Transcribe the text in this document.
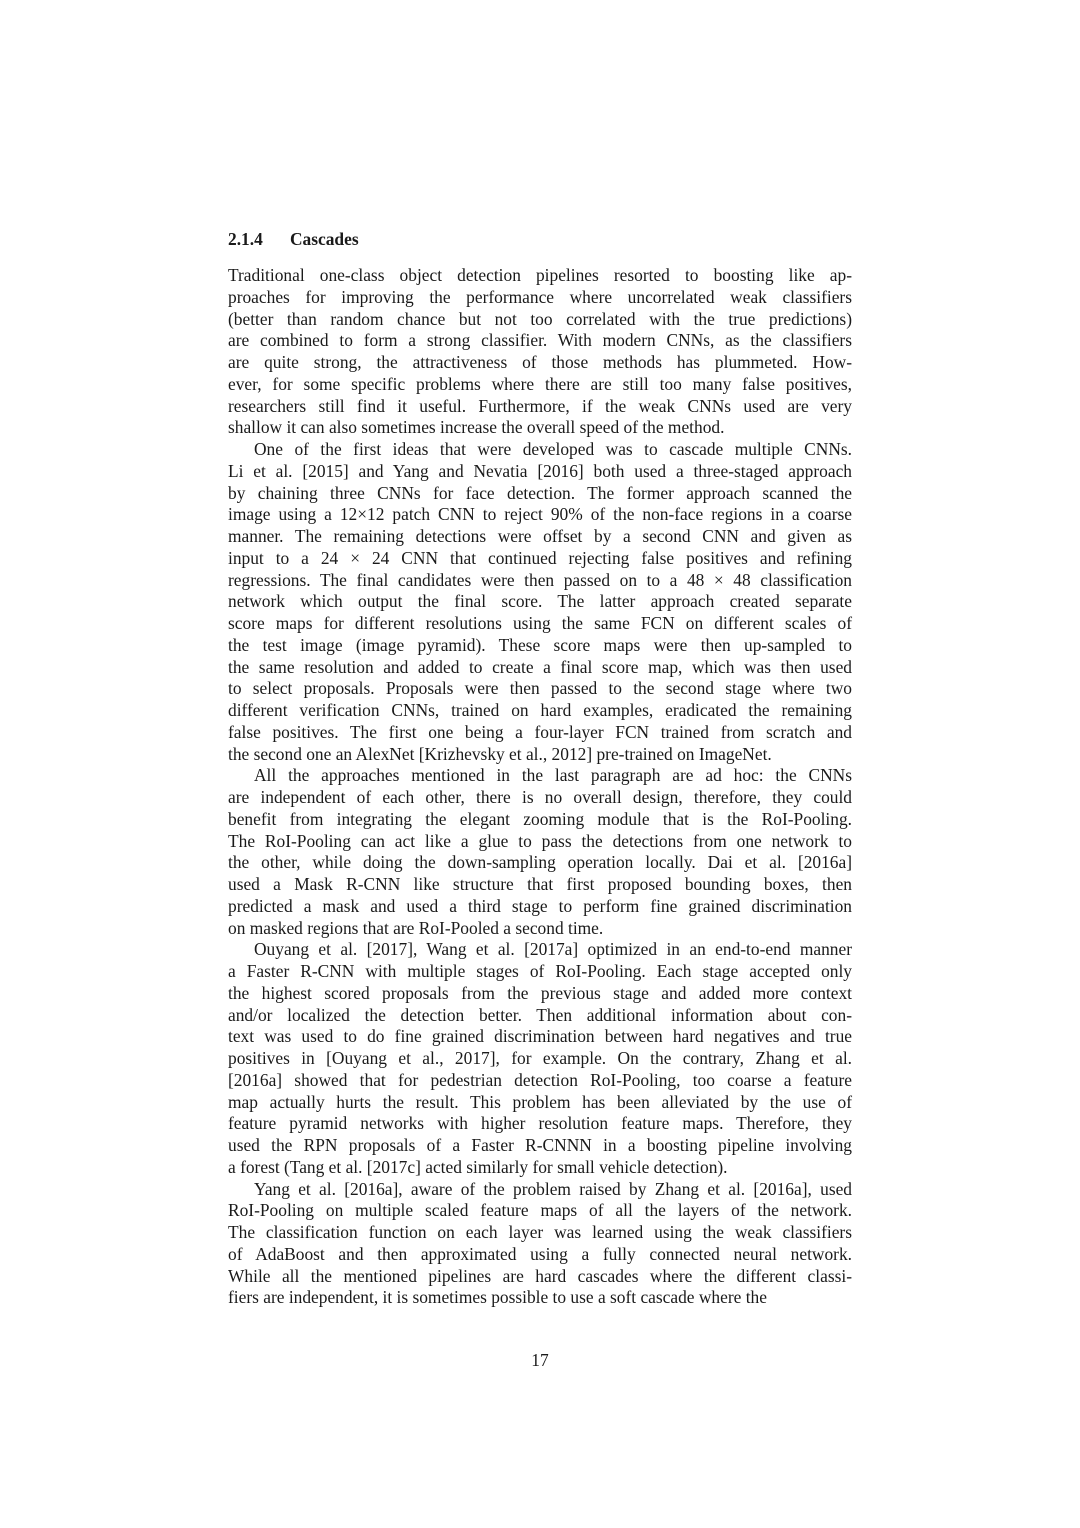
2.1.4 Cascades
Traditional one-class object detection pipelines resorted to boosting like ap-
proaches for improving the performance where uncorrelated weak classifiers
(better than random chance but not too correlated with the true predictions)
are combined to form a strong classifier. With modern CNNs, as the classifiers
are quite strong, the attractiveness of those methods has plummeted. How-
ever, for some specific problems where there are still too many false positives,
researchers still find it useful. Furthermore, if the weak CNNs used are very
shallow it can also sometimes increase the overall speed of the method.
One of the first ideas that were developed was to cascade multiple CNNs.
Li et al. [2015] and Yang and Nevatia [2016] both used a three-staged approach
by chaining three CNNs for face detection. The former approach scanned the
image using a 12×12 patch CNN to reject 90% of the non-face regions in a coarse
manner. The remaining detections were offset by a second CNN and given as
input to a 24 × 24 CNN that continued rejecting false positives and refining
regressions. The final candidates were then passed on to a 48 × 48 classification
network which output the final score. The latter approach created separate
score maps for different resolutions using the same FCN on different scales of
the test image (image pyramid). These score maps were then up-sampled to
the same resolution and added to create a final score map, which was then used
to select proposals. Proposals were then passed to the second stage where two
different verification CNNs, trained on hard examples, eradicated the remaining
false positives. The first one being a four-layer FCN trained from scratch and
the second one an AlexNet [Krizhevsky et al., 2012] pre-trained on ImageNet.
All the approaches mentioned in the last paragraph are ad hoc: the CNNs
are independent of each other, there is no overall design, therefore, they could
benefit from integrating the elegant zooming module that is the RoI-Pooling.
The RoI-Pooling can act like a glue to pass the detections from one network to
the other, while doing the down-sampling operation locally. Dai et al. [2016a]
used a Mask R-CNN like structure that first proposed bounding boxes, then
predicted a mask and used a third stage to perform fine grained discrimination
on masked regions that are RoI-Pooled a second time.
Ouyang et al. [2017], Wang et al. [2017a] optimized in an end-to-end manner
a Faster R-CNN with multiple stages of RoI-Pooling. Each stage accepted only
the highest scored proposals from the previous stage and added more context
and/or localized the detection better. Then additional information about con-
text was used to do fine grained discrimination between hard negatives and true
positives in [Ouyang et al., 2017], for example. On the contrary, Zhang et al.
[2016a] showed that for pedestrian detection RoI-Pooling, too coarse a feature
map actually hurts the result. This problem has been alleviated by the use of
feature pyramid networks with higher resolution feature maps. Therefore, they
used the RPN proposals of a Faster R-CNNN in a boosting pipeline involving
a forest (Tang et al. [2017c] acted similarly for small vehicle detection).
Yang et al. [2016a], aware of the problem raised by Zhang et al. [2016a], used
RoI-Pooling on multiple scaled feature maps of all the layers of the network.
The classification function on each layer was learned using the weak classifiers
of AdaBoost and then approximated using a fully connected neural network.
While all the mentioned pipelines are hard cascades where the different classi-
fiers are independent, it is sometimes possible to use a soft cascade where the
17
